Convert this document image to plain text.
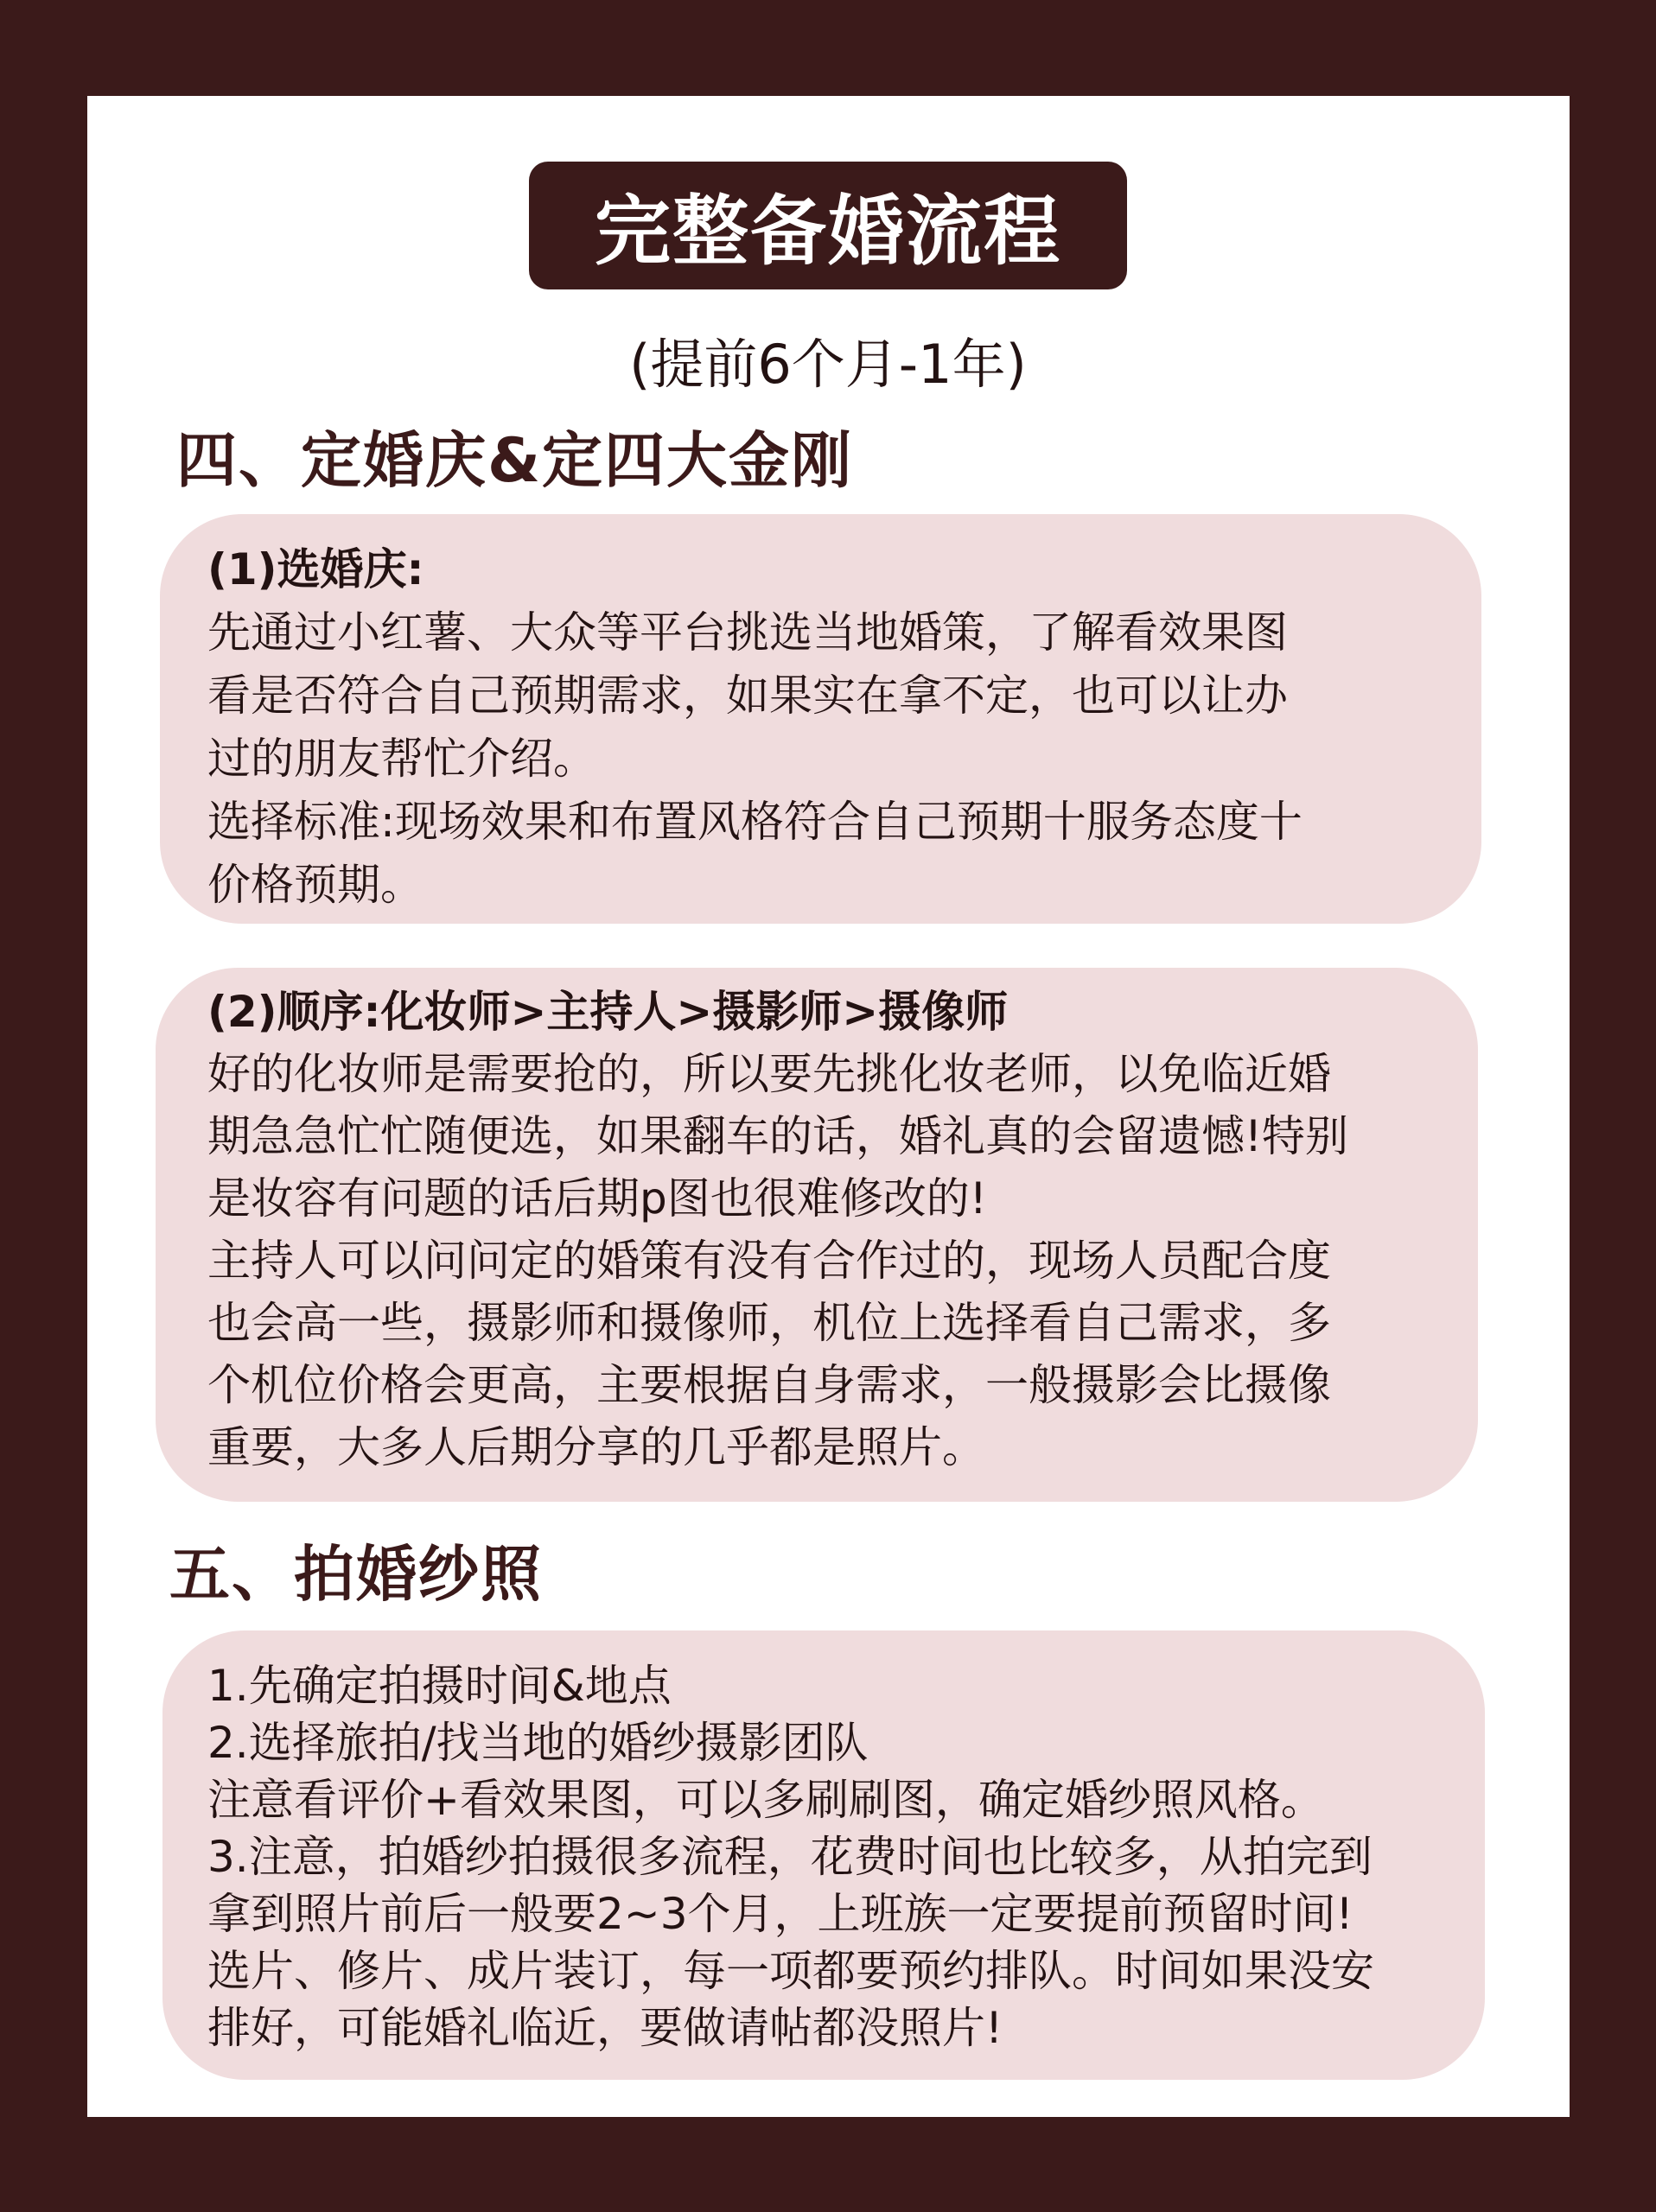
完整备婚流程
(提前6个月-1年)
四、定婚庆&定四大金刚

(1)选婚庆:

先通过小红薯、大众等平台挑选当地婚策，了解看效果图

看是否符合自己预期需求，如果实在拿不定，也可以让办

过的朋友帮忙介绍。

选择标准:现场效果和布置风格符合自己预期十服务态度十

价格预期。

(2)顺序:化妆师>主持人>摄影师>摄像师

好的化妆师是需要抢的，所以要先挑化妆老师，以免临近婚

期急急忙忙随便选，如果翻车的话，婚礼真的会留遗憾!特别

是妆容有问题的话后期p图也很难修改的!

主持人可以问问定的婚策有没有合作过的，现场人员配合度

也会高一些，摄影师和摄像师，机位上选择看自己需求，多

个机位价格会更高，主要根据自身需求，一般摄影会比摄像

重要，大多人后期分享的几乎都是照片。

五、拍婚纱照

1.先确定拍摄时间&地点

2.选择旅拍/找当地的婚纱摄影团队

注意看评价+看效果图，可以多刷刷图，确定婚纱照风格。

3.注意，拍婚纱拍摄很多流程，花费时间也比较多，从拍完到

拿到照片前后一般要2~3个月，上班族一定要提前预留时间!

选片、修片、成片装订，每一项都要预约排队。时间如果没安

排好，可能婚礼临近，要做请帖都没照片!
